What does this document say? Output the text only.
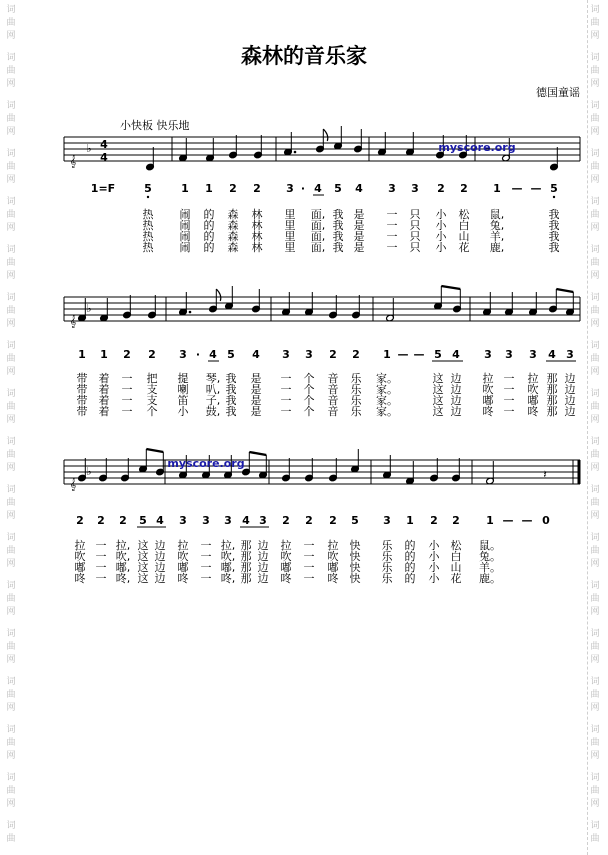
词
曲
网
词
曲
网
词
曲
网
词
曲
网
词
曲
网
词
曲
网
词
曲
网
词
曲
网
词
曲
网
词
曲
网
词
曲
网
词
曲
网
词
曲
网
词
曲
网
词
曲
网
词
曲
网
词
曲
网
词
曲
词
曲
网
词
曲
网
词
曲
网
词
曲
网
词
曲
网
词
曲
网
词
曲
网
词
曲
网
词
曲
网
词
曲
网
词
曲
网
词
曲
网
词
曲
网
词
曲
网
词
曲
网
词
曲
网
词
曲
网
词
曲
森林的音乐家
德国童谣
小快板 快乐地
𝄞
♭ 4
4
myscore.org
𝄞
♭
𝄞
♭	𝄽
myscore.org
1=F	5	1 1 2 2 3 · 4 5 4 3 3 2 2 1 — — 5
热 闹 的 森 林 里 面, 我 是 一 只 小 松 鼠,	我
热 闹 的 森 林 里 面, 我 是 一 只 小 白 兔,	我
热 闹 的 森 林 里 面, 我 是 一 只 小 山 羊,	我
热 闹 的 森 林 里 面, 我 是 一 只 小 花 鹿,	我
1 1 2 2 3 · 4 5 4 3 3 2 2 1 — — 5 4 3 3 3 4 3
带 着 一 把 提 琴, 我 是 一 个 音 乐 家。	这 边 拉 一 拉 那 边
带 着 一 支 喇 叭, 我 是 一 个 音 乐 家。	这 边 吹 一 吹 那 边
带 着 一 支 笛 子, 我 是 一 个 音 乐 家。	这 边 嘟 一 嘟 那 边
带 着 一 个 小 鼓, 我 是 一 个 音 乐 家。	这 边 咚 一 咚 那 边
2 2 2 5 4 3 3 3 4 3 2 2 2 5 3 1 2 2 1 — — 0
拉 一 拉, 这 边 拉 一 拉, 那 边 拉 一 拉 快 乐 的 小 松 鼠。
吹 一 吹, 这 边 吹 一 吹, 那 边 吹 一 吹 快 乐 的 小 白 兔。
嘟 一 嘟, 这 边 嘟 一 嘟, 那 边 嘟 一 嘟 快 乐 的 小 山 羊。
咚 一 咚, 这 边 咚 一 咚, 那 边 咚 一 咚 快 乐 的 小 花 鹿。
